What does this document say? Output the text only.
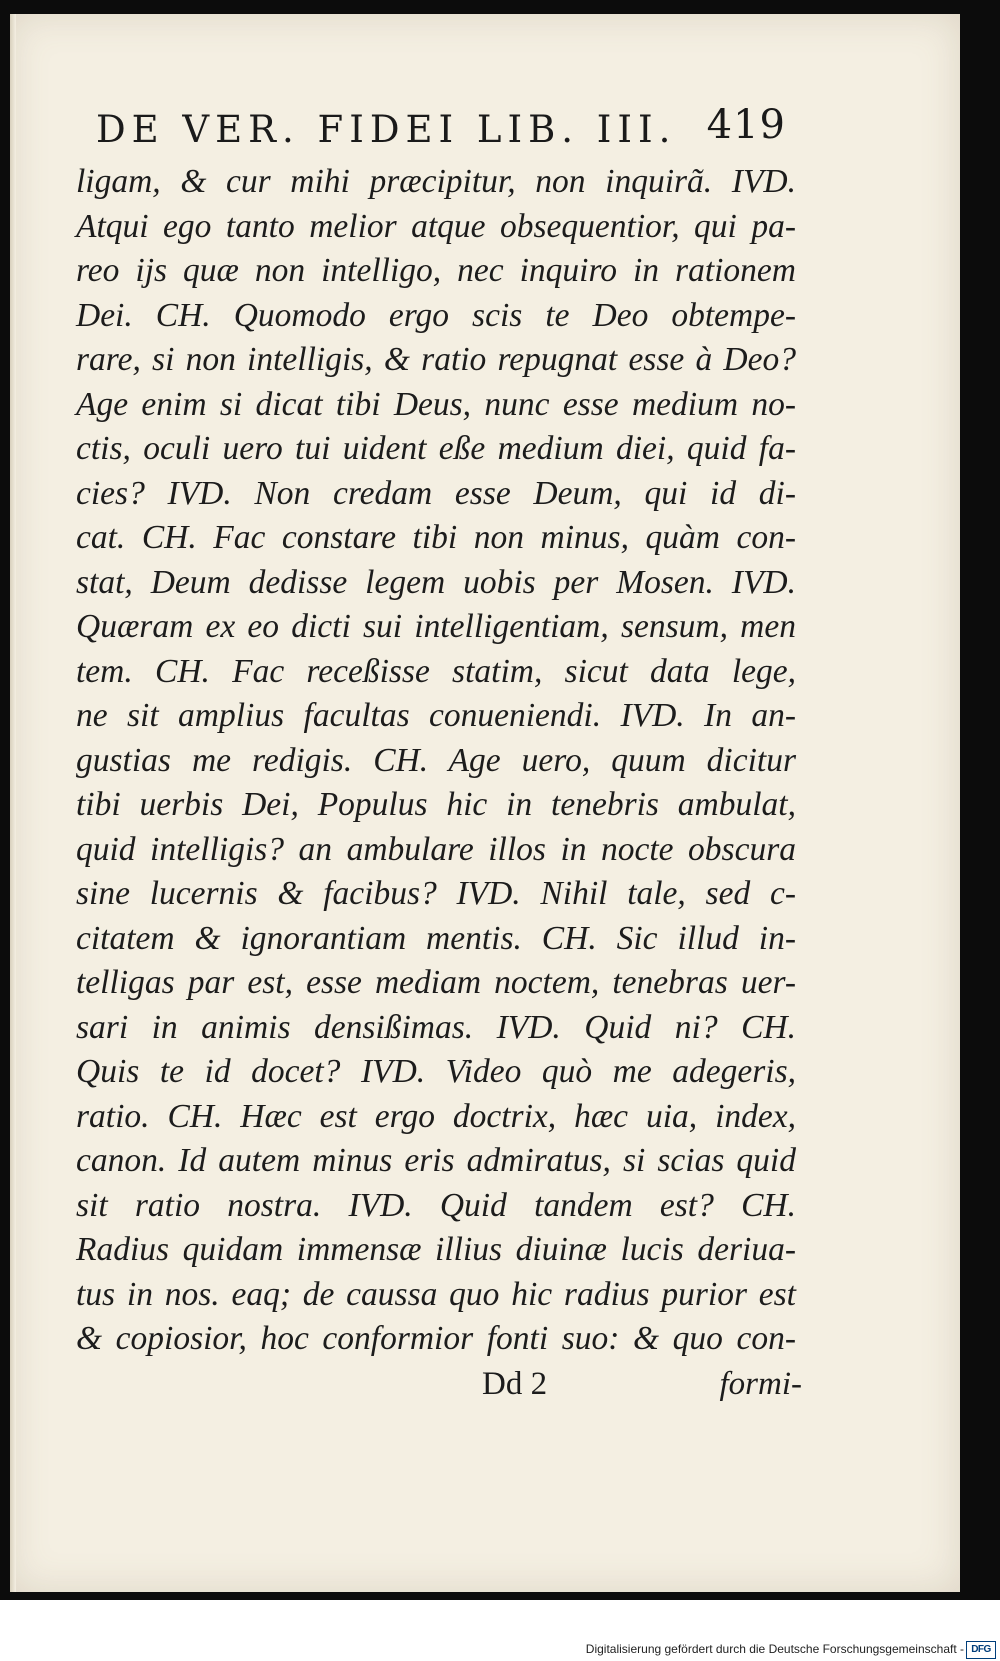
DE VER. FIDEI LIB. III. 419
ligam, & cur mihi præcipitur, non inquirã. IVD.
Atqui ego tanto melior atque obsequentior, qui pa-
reo ijs quæ non intelligo, nec inquiro in rationem
Dei. CH. Quomodo ergo scis te Deo obtempe-
rare, si non intelligis, & ratio repugnat esse à Deo?
Age enim si dicat tibi Deus, nunc esse medium no-
ctis, oculi uero tui uident eße medium diei, quid fa-
cies? IVD. Non credam esse Deum, qui id di-
cat. CH. Fac constare tibi non minus, quàm con-
stat, Deum dedisse legem uobis per Mosen. IVD.
Quæram ex eo dicti sui intelligentiam, sensum, men
tem. CH. Fac receßisse statim, sicut data lege,
ne sit amplius facultas conueniendi. IVD. In an-
gustias me redigis. CH. Age uero, quum dicitur
tibi uerbis Dei, Populus hic in tenebris ambulat,
quid intelligis? an ambulare illos in nocte obscura
sine lucernis & facibus? IVD. Nihil tale, sed c-
citatem & ignorantiam mentis. CH. Sic illud in-
telligas par est, esse mediam noctem, tenebras uer-
sari in animis densißimas. IVD. Quid ni? CH.
Quis te id docet? IVD. Video quò me adegeris,
ratio. CH. Hæc est ergo doctrix, hæc uia, index,
canon. Id autem minus eris admiratus, si scias quid
sit ratio nostra. IVD. Quid tandem est? CH.
Radius quidam immensæ illius diuinæ lucis deriua-
tus in nos. eaq; de caussa quo hic radius purior est
& copiosior, hoc conformior fonti suo: & quo con-
Dd 2	formi-
Digitalisierung gefördert durch die Deutsche Forschungsgemeinschaft - DFG
